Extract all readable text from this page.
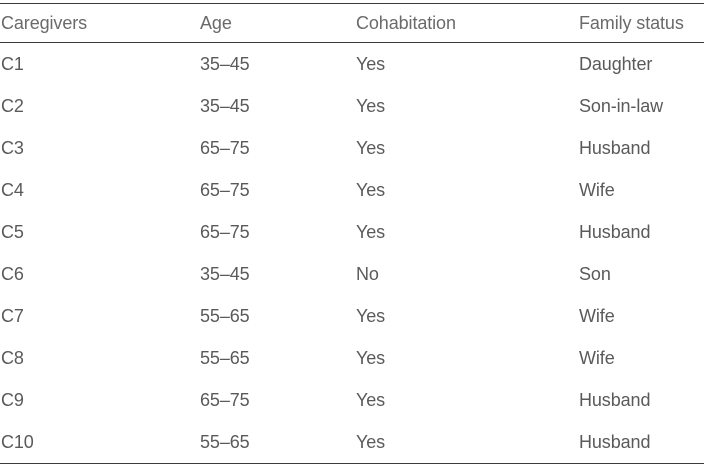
Caregivers	Age	Cohabitation	Family status
C1	35–45	Yes	Daughter
C2	35–45	Yes	Son-in-law
C3	65–75	Yes	Husband
C4	65–75	Yes	Wife
C5	65–75	Yes	Husband
C6	35–45	No	Son
C7	55–65	Yes	Wife
C8	55–65	Yes	Wife
C9	65–75	Yes	Husband
C10	55–65	Yes	Husband
